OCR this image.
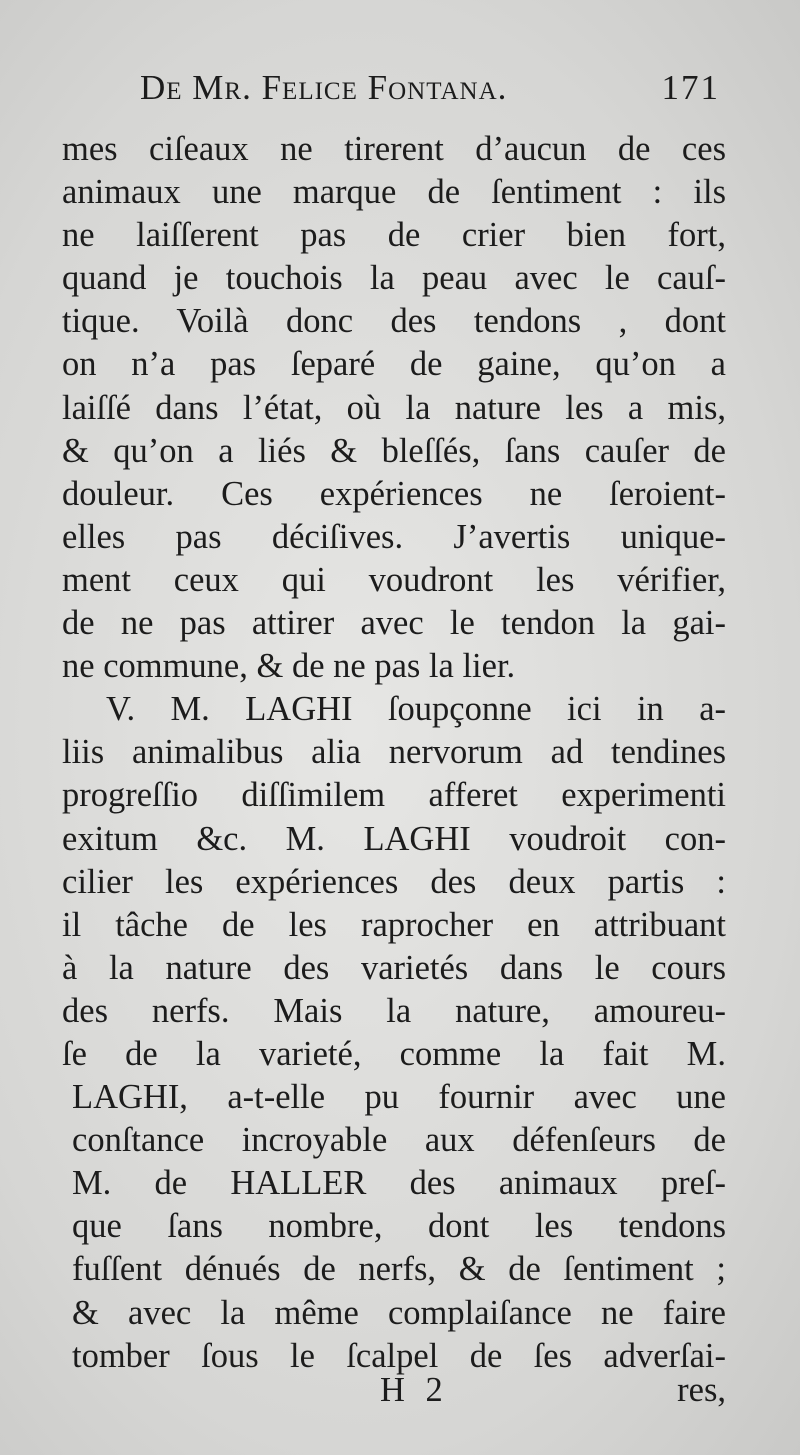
De Mr. Felice Fontana.	171
mes ciſeaux ne tirerent d’aucun de ces
animaux une marque de ſentiment : ils
ne laiſſerent pas de crier bien fort,
quand je touchois la peau avec le cauſ-
tique. Voilà donc des tendons , dont
on n’a pas ſeparé de gaine, qu’on a
laiſſé dans l’état, où la nature les a mis,
& qu’on a liés & bleſſés, ſans cauſer de
douleur. Ces expériences ne ſeroient-
elles pas déciſives. J’avertis unique-
ment ceux qui voudront les vérifier,
de ne pas attirer avec le tendon la gai-
ne commune, & de ne pas la lier.
V. M. LAGHI ſoupçonne ici in a-
liis animalibus alia nervorum ad tendines
progreſſio diſſimilem afferet experimenti
exitum &c. M. LAGHI voudroit con-
cilier les expériences des deux partis :
il tâche de les raprocher en attribuant
à la nature des varietés dans le cours
des nerfs. Mais la nature, amoureu-
ſe de la varieté, comme la fait M.
LAGHI, a-t-elle pu fournir avec une
conſtance incroyable aux défenſeurs de
M. de HALLER des animaux preſ-
que ſans nombre, dont les tendons
fuſſent dénués de nerfs, & de ſentiment ;
& avec la même complaiſance ne faire
tomber ſous le ſcalpel de ſes adverſai-
H 2	res,
